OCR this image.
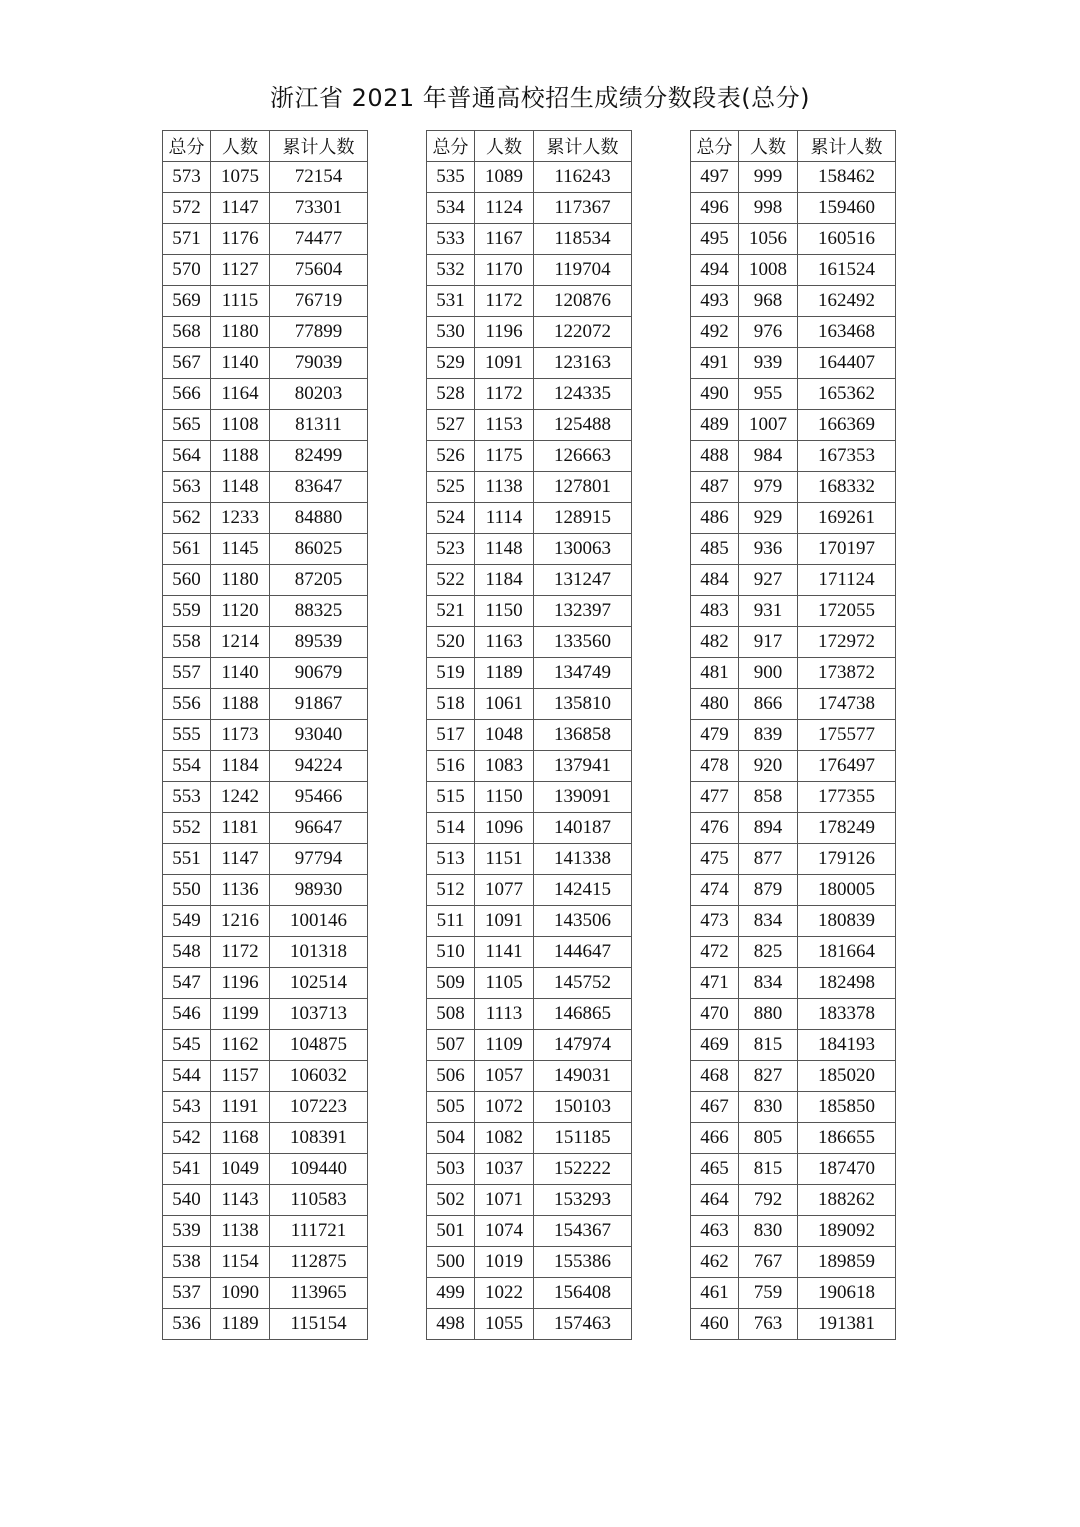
浙江省 2021 年普通高校招生成绩分数段表(总分)
总分	人数	累计人数
573	1075	72154
572	1147	73301
571	1176	74477
570	1127	75604
569	1115	76719
568	1180	77899
567	1140	79039
566	1164	80203
565	1108	81311
564	1188	82499
563	1148	83647
562	1233	84880
561	1145	86025
560	1180	87205
559	1120	88325
558	1214	89539
557	1140	90679
556	1188	91867
555	1173	93040
554	1184	94224
553	1242	95466
552	1181	96647
551	1147	97794
550	1136	98930
549	1216	100146
548	1172	101318
547	1196	102514
546	1199	103713
545	1162	104875
544	1157	106032
543	1191	107223
542	1168	108391
541	1049	109440
540	1143	110583
539	1138	111721
538	1154	112875
537	1090	113965
536	1189	115154
总分	人数	累计人数
535	1089	116243
534	1124	117367
533	1167	118534
532	1170	119704
531	1172	120876
530	1196	122072
529	1091	123163
528	1172	124335
527	1153	125488
526	1175	126663
525	1138	127801
524	1114	128915
523	1148	130063
522	1184	131247
521	1150	132397
520	1163	133560
519	1189	134749
518	1061	135810
517	1048	136858
516	1083	137941
515	1150	139091
514	1096	140187
513	1151	141338
512	1077	142415
511	1091	143506
510	1141	144647
509	1105	145752
508	1113	146865
507	1109	147974
506	1057	149031
505	1072	150103
504	1082	151185
503	1037	152222
502	1071	153293
501	1074	154367
500	1019	155386
499	1022	156408
498	1055	157463
总分	人数	累计人数
497	999	158462
496	998	159460
495	1056	160516
494	1008	161524
493	968	162492
492	976	163468
491	939	164407
490	955	165362
489	1007	166369
488	984	167353
487	979	168332
486	929	169261
485	936	170197
484	927	171124
483	931	172055
482	917	172972
481	900	173872
480	866	174738
479	839	175577
478	920	176497
477	858	177355
476	894	178249
475	877	179126
474	879	180005
473	834	180839
472	825	181664
471	834	182498
470	880	183378
469	815	184193
468	827	185020
467	830	185850
466	805	186655
465	815	187470
464	792	188262
463	830	189092
462	767	189859
461	759	190618
460	763	191381
